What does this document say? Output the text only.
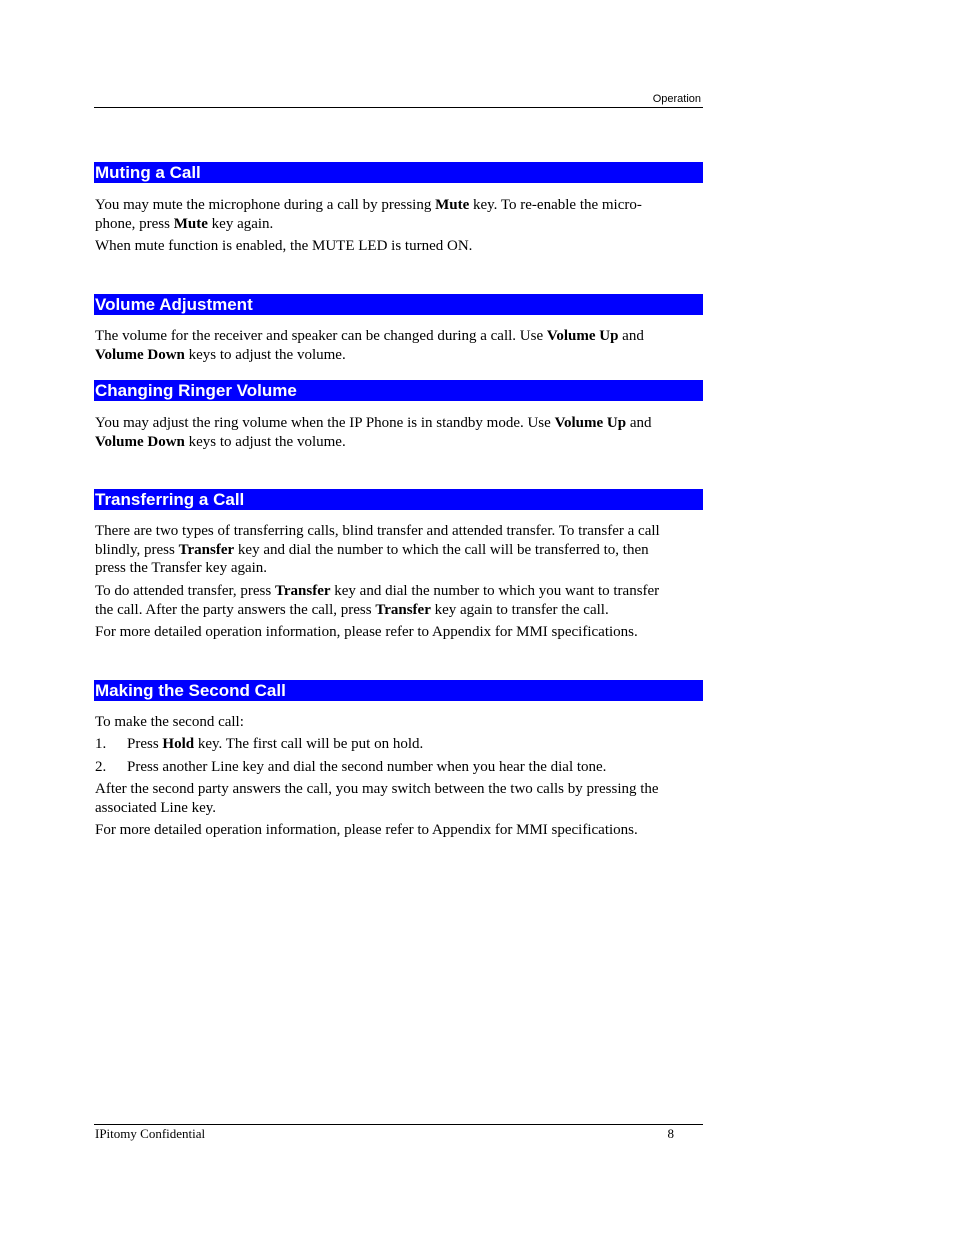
Operation
Muting a Call

You may mute the microphone during a call by pressing Mute key. To re-enable the micro-
phone, press Mute key again.

When mute function is enabled, the MUTE LED is turned ON.

Volume Adjustment

The volume for the receiver and speaker can be changed during a call. Use Volume Up and
Volume Down keys to adjust the volume.

Changing Ringer Volume

You may adjust the ring volume when the IP Phone is in standby mode. Use Volume Up and
Volume Down keys to adjust the volume.

Transferring a Call

There are two types of transferring calls, blind transfer and attended transfer. To transfer a call
blindly, press Transfer key and dial the number to which the call will be transferred to, then
press the Transfer key again.

To do attended transfer, press Transfer key and dial the number to which you want to transfer
the call. After the party answers the call, press Transfer key again to transfer the call.

For more detailed operation information, please refer to Appendix for MMI specifications.

Making the Second Call

To make the second call:

1. Press Hold key. The first call will be put on hold.
2. Press another Line key and dial the second number when you hear the dial tone.

After the second party answers the call, you may switch between the two calls by pressing the
associated Line key.

For more detailed operation information, please refer to Appendix for MMI specifications.

IPitomy Confidential	8
